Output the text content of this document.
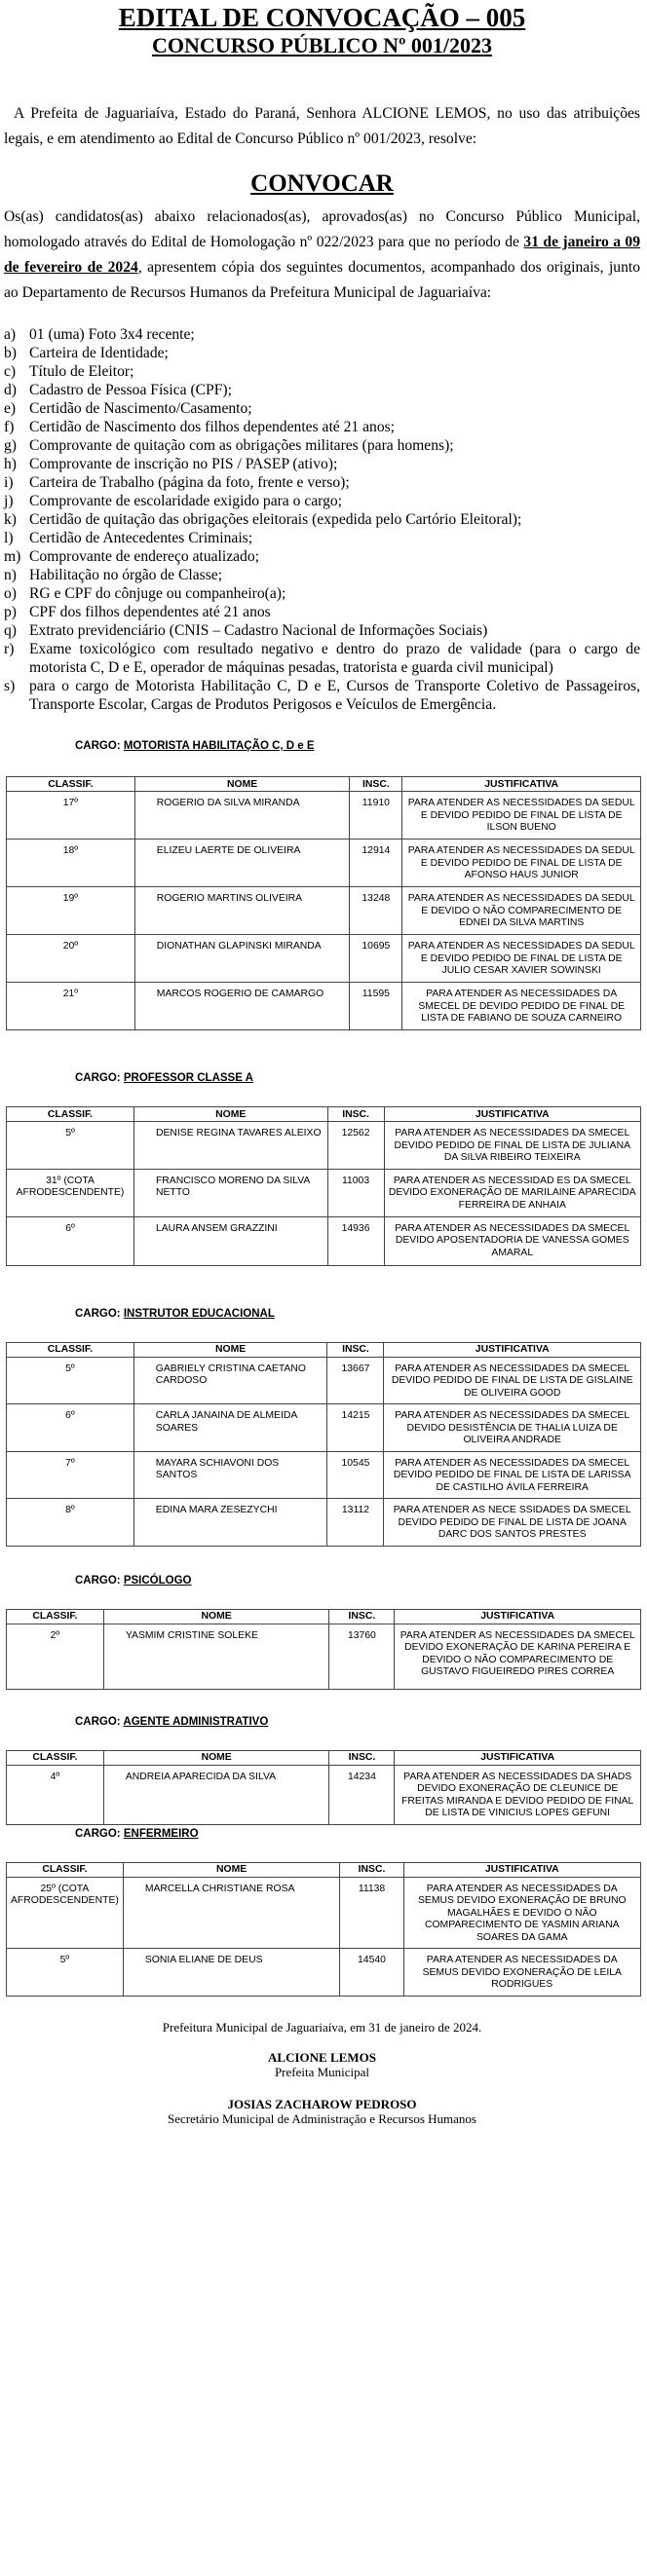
EDITAL DE CONVOCAÇÃO – 005
CONCURSO PÚBLICO Nº 001/2023

A Prefeita de Jaguariaíva, Estado do Paraná, Senhora ALCIONE LEMOS, no uso das atribuições legais, e em atendimento ao Edital de Concurso Público nº 001/2023, resolve:

CONVOCAR

Os(as) candidatos(as) abaixo relacionados(as), aprovados(as) no Concurso Público Municipal, homologado através do Edital de Homologação nº 022/2023 para que no período de 31 de janeiro a 09 de fevereiro de 2024, apresentem cópia dos seguintes documentos, acompanhado dos originais, junto ao Departamento de Recursos Humanos da Prefeitura Municipal de Jaguariaíva:

a) 01 (uma) Foto 3x4 recente;
b) Carteira de Identidade;
c) Título de Eleitor;
d) Cadastro de Pessoa Física (CPF);
e) Certidão de Nascimento/Casamento;
f)	Certidão de Nascimento dos filhos dependentes até 21 anos;
g) Comprovante de quitação com as obrigações militares (para homens);
h) Comprovante de inscrição no PIS / PASEP (ativo);
i)	Carteira de Trabalho (página da foto, frente e verso);
j)	Comprovante de escolaridade exigido para o cargo;
k) Certidão de quitação das obrigações eleitorais (expedida pelo Cartório Eleitoral);
l)	Certidão de Antecedentes Criminais;
m) Comprovante de endereço atualizado;
n) Habilitação no órgão de Classe;
o) RG e CPF do cônjuge ou companheiro(a);
p) CPF dos filhos dependentes até 21 anos
q) Extrato previdenciário (CNIS – Cadastro Nacional de Informações Sociais)
r)	Exame toxicológico com resultado negativo e dentro do prazo de validade (para o cargo de motorista C, D e E, operador de máquinas pesadas, tratorista e guarda civil municipal)
s) para o cargo de Motorista Habilitação C, D e E, Cursos de Transporte Coletivo de Passageiros, Transporte Escolar, Cargas de Produtos Perigosos e Veículos de Emergência.
CARGO: MOTORISTA HABILITAÇÃO C, D e E
CLASSIF.	NOME	INSC.	JUSTIFICATIVA
17º	ROGERIO DA SILVA MIRANDA	11910	PARA ATENDER AS NECESSIDADES DA SEDUL E DEVIDO PEDIDO DE FINAL DE LISTA DE ILSON BUENO
18º	ELIZEU LAERTE DE OLIVEIRA	12914	PARA ATENDER AS NECESSIDADES DA SEDUL E DEVIDO PEDIDO DE FINAL DE LISTA DE AFONSO HAUS JUNIOR
19º	ROGERIO MARTINS OLIVEIRA	13248	PARA ATENDER AS NECESSIDADES DA SEDUL E DEVIDO O NÃO COMPARECIMENTO DE EDNEI DA SILVA MARTINS
20º	DIONATHAN GLAPINSKI MIRANDA	10695	PARA ATENDER AS NECESSIDADES DA SEDUL E DEVIDO PEDIDO DE FINAL DE LISTA DE JULIO CESAR XAVIER SOWINSKI
21º	MARCOS ROGERIO DE CAMARGO	11595	PARA ATENDER AS NECESSIDADES DA SMECEL DE DEVIDO PEDIDO DE FINAL DE LISTA DE FABIANO DE SOUZA CARNEIRO
CARGO: PROFESSOR CLASSE A
CLASSIF.	NOME	INSC.	JUSTIFICATIVA
5º	DENISE REGINA TAVARES ALEIXO	12562	PARA ATENDER AS NECESSIDADES DA SMECEL DEVIDO PEDIDO DE FINAL DE LISTA DE JULIANA DA SILVA RIBEIRO TEIXEIRA
31º (COTA AFRODESCENDENTE)	FRANCISCO MORENO DA SILVA NETTO	11003	PARA ATENDER AS NECESSIDAD ES DA SMECEL DEVIDO EXONERAÇÃO DE MARILAINE APARECIDA FERREIRA DE ANHAIA
6º	LAURA ANSEM GRAZZINI	14936	PARA ATENDER AS NECESSIDADES DA SMECEL DEVIDO APOSENTADORIA DE VANESSA GOMES AMARAL
CARGO: INSTRUTOR EDUCACIONAL
CLASSIF.	NOME	INSC.	JUSTIFICATIVA
5º	GABRIELY CRISTINA CAETANO CARDOSO	13667	PARA ATENDER AS NECESSIDADES DA SMECEL DEVIDO PEDIDO DE FINAL DE LISTA DE GISLAINE DE OLIVEIRA GOOD
6º	CARLA JANAINA DE ALMEIDA SOARES	14215	PARA ATENDER AS NECESSIDADES DA SMECEL DEVIDO DESISTÊNCIA DE THALIA LUIZA DE OLIVEIRA ANDRADE
7º	MAYARA SCHIAVONI DOS SANTOS	10545	PARA ATENDER AS NECESSIDADES DA SMECEL DEVIDO PEDIDO DE FINAL DE LISTA DE LARISSA DE CASTILHO ÁVILA FERREIRA
8º	EDINA MARA ZESEZYCHI	13112	PARA ATENDER AS NECE SSIDADES DA SMECEL DEVIDO PEDIDO DE FINAL DE LISTA DE JOANA DARC DOS SANTOS PRESTES
CARGO: PSICÓLOGO
CLASSIF.	NOME	INSC.	JUSTIFICATIVA
2º	YASMIM CRISTINE SOLEKE	13760	PARA ATENDER AS NECESSIDADES DA SMECEL DEVIDO EXONERAÇÃO DE KARINA PEREIRA E DEVIDO O NÃO COMPARECIMENTO DE GUSTAVO FIGUEIREDO PIRES CORREA
CARGO: AGENTE ADMINISTRATIVO
CLASSIF.	NOME	INSC.	JUSTIFICATIVA
4º	ANDREIA APARECIDA DA SILVA	14234	PARA ATENDER AS NECESSIDADES DA SHADS DEVIDO EXONERAÇÃO DE CLEUNICE DE FREITAS MIRANDA E DEVIDO PEDIDO DE FINAL DE LISTA DE VINICIUS LOPES GEFUNI
CARGO: ENFERMEIRO
CLASSIF.	NOME	INSC.	JUSTIFICATIVA
25º (COTA AFRODESCENDENTE)	MARCELLA CHRISTIANE ROSA	11138	PARA ATENDER AS NECESSIDADES DA SEMUS DEVIDO EXONERAÇÃO DE BRUNO MAGALHÃES E DEVIDO O NÃO COMPARECIMENTO DE YASMIN ARIANA SOARES DA GAMA
5º	SONIA ELIANE DE DEUS	14540	PARA ATENDER AS NECESSIDADES DA SEMUS DEVIDO EXONERAÇÃO DE LEILA RODRIGUES
Prefeitura Municipal de Jaguariaíva, em 31 de janeiro de 2024.
ALCIONE LEMOS
Prefeita Municipal
JOSIAS ZACHAROW PEDROSO
Secretário Municipal de Administração e Recursos Humanos
